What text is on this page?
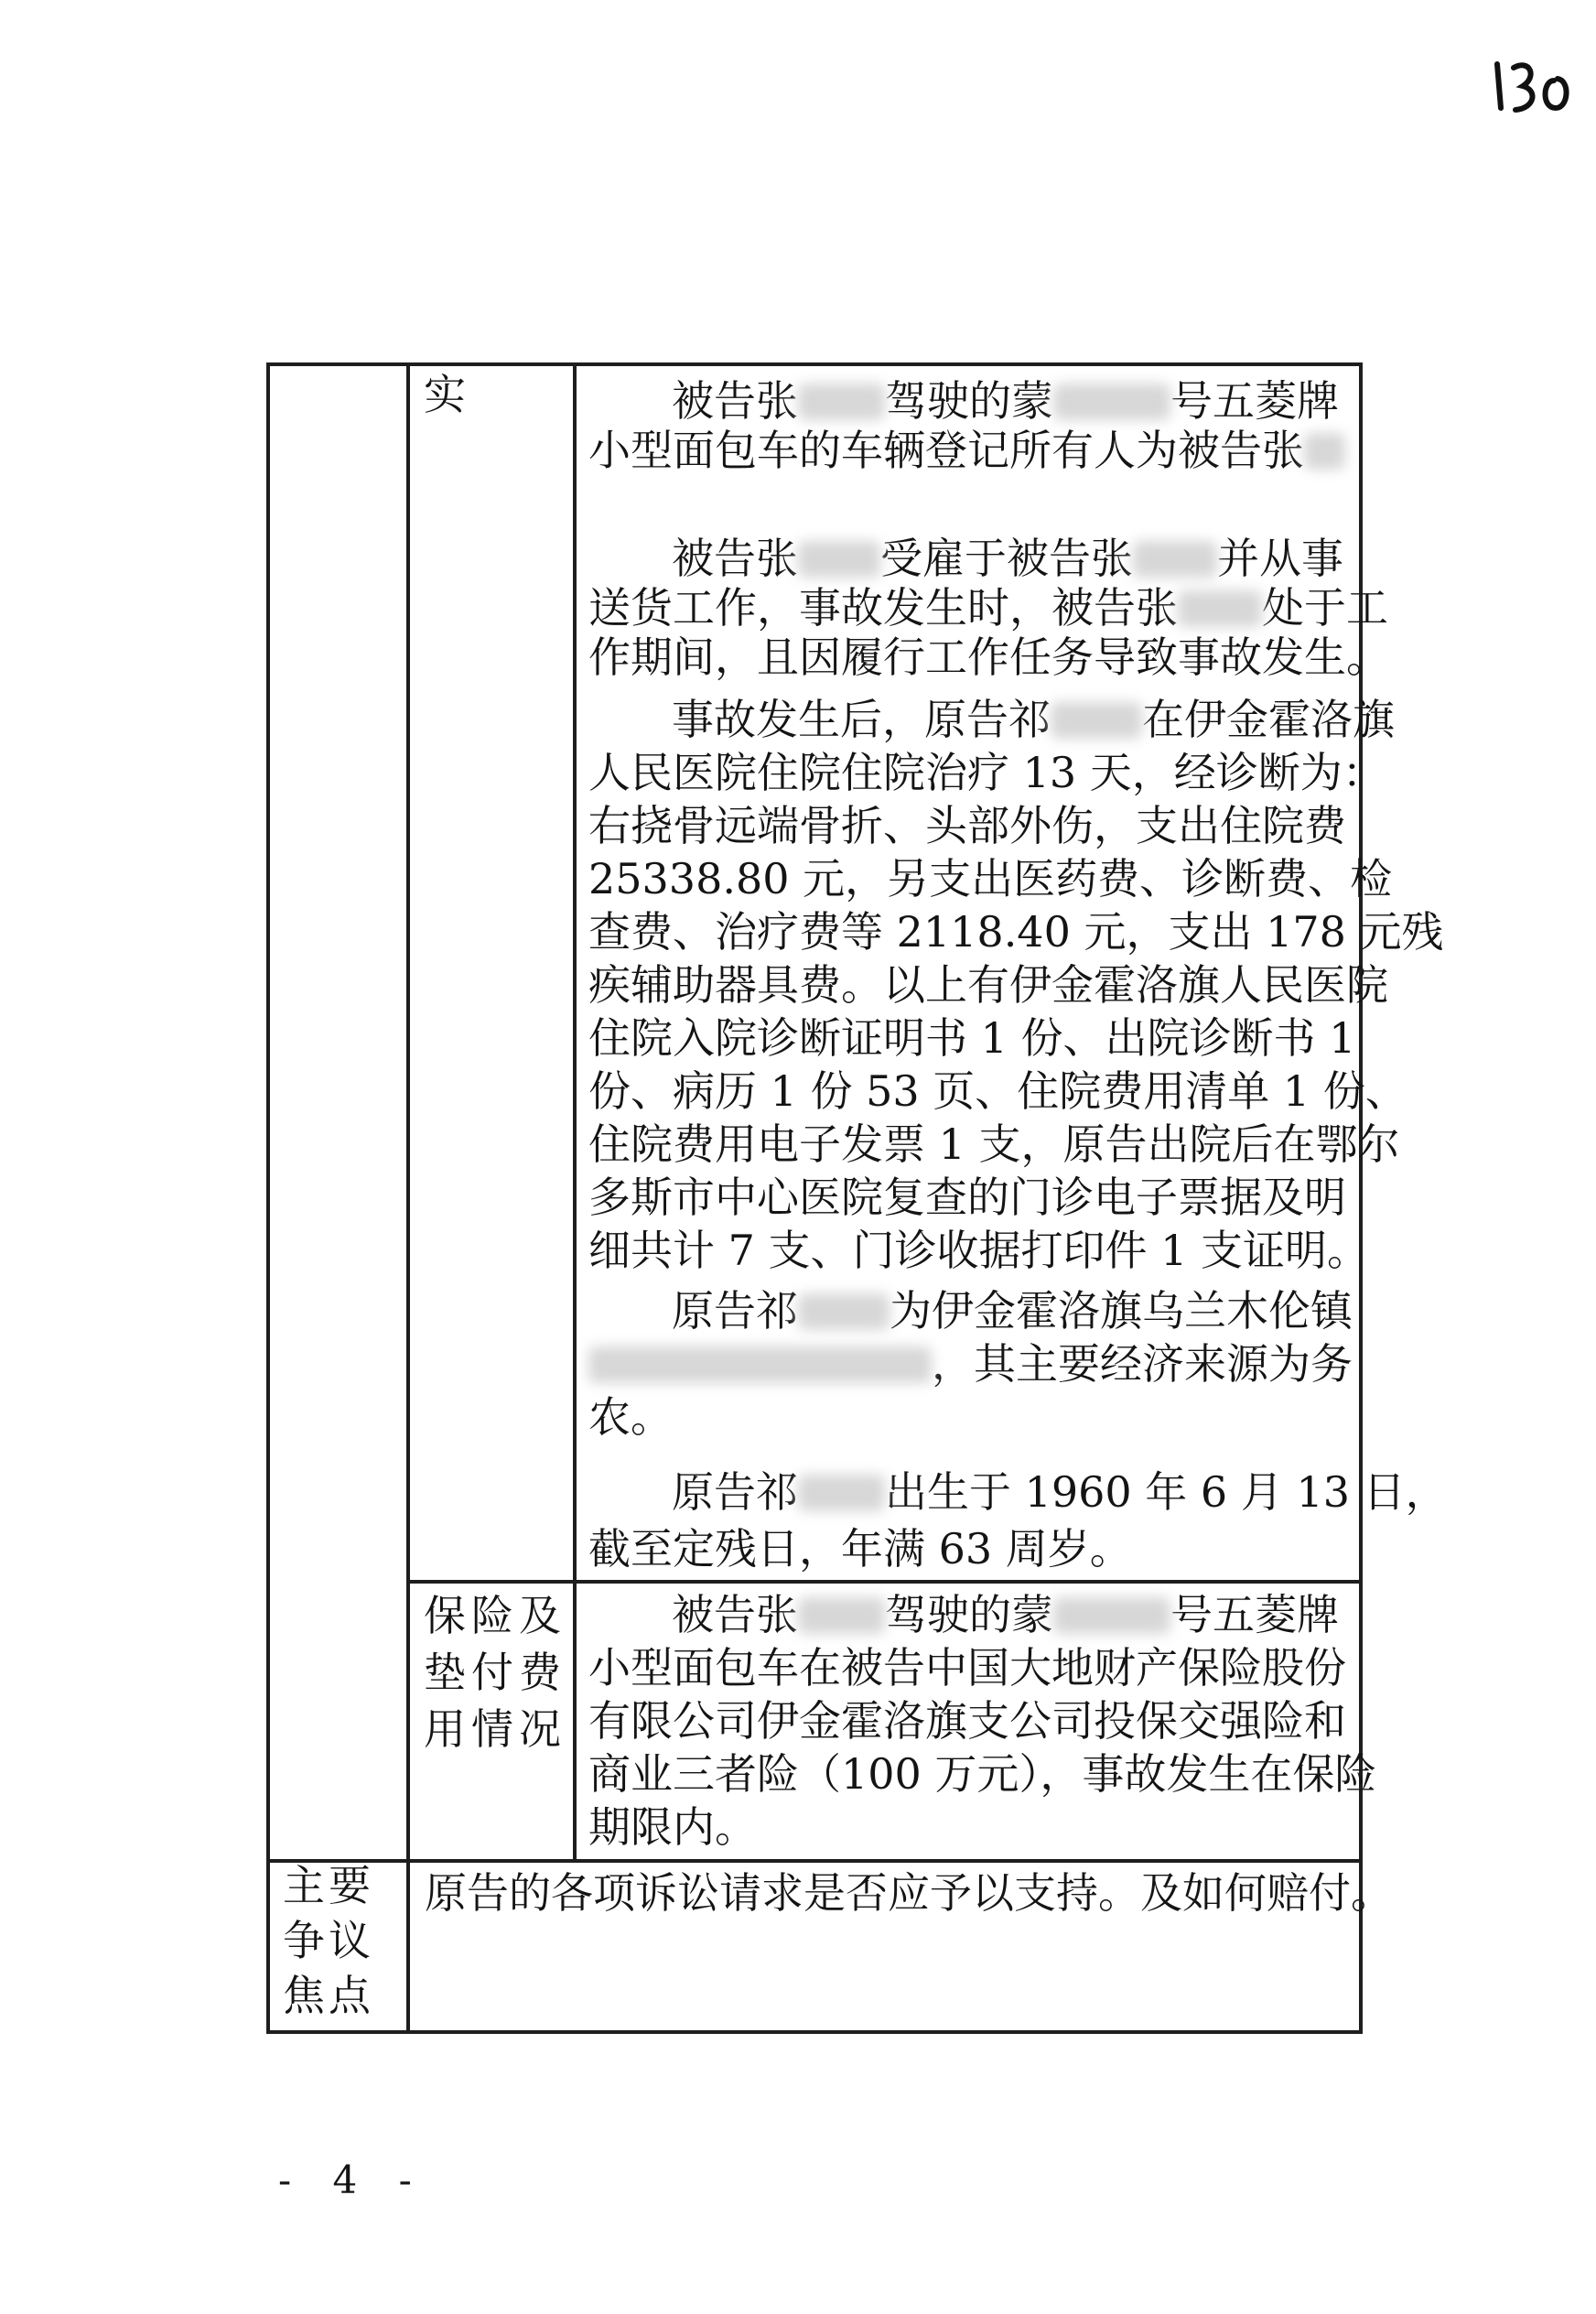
实
保险及
垫付费
用情况
主要
争议
焦点
被告张 驾驶的蒙	号五菱牌
小型面包车的车辆登记所有人为被告张
被告张 受雇于被告张 并从事
送货工作，事故发生时，被告张 处于工
作期间，且因履行工作任务导致事故发生。
事故发生后，原告祁 在伊金霍洛旗
人民医院住院住院治疗 13 天，经诊断为：
右挠骨远端骨折、头部外伤，支出住院费
25338.80 元，另支出医药费、诊断费、检
查费、治疗费等 2118.40 元，支出 178 元残
疾辅助器具费。以上有伊金霍洛旗人民医院
住院入院诊断证明书 1 份、出院诊断书 1
份、病历 1 份 53 页、住院费用清单 1 份、
住院费用电子发票 1 支，原告出院后在鄂尔
多斯市中心医院复查的门诊电子票据及明
细共计 7 支、门诊收据打印件 1 支证明。
原告祁 为伊金霍洛旗乌兰木伦镇
，其主要经济来源为务
农。
原告祁 出生于 1960 年 6 月 13 日，
截至定残日，年满 63 周岁。
被告张 驾驶的蒙	号五菱牌
小型面包车在被告中国大地财产保险股份
有限公司伊金霍洛旗支公司投保交强险和
商业三者险（100 万元），事故发生在保险
期限内。
原告的各项诉讼请求是否应予以支持。及如何赔付。
- 4 -
